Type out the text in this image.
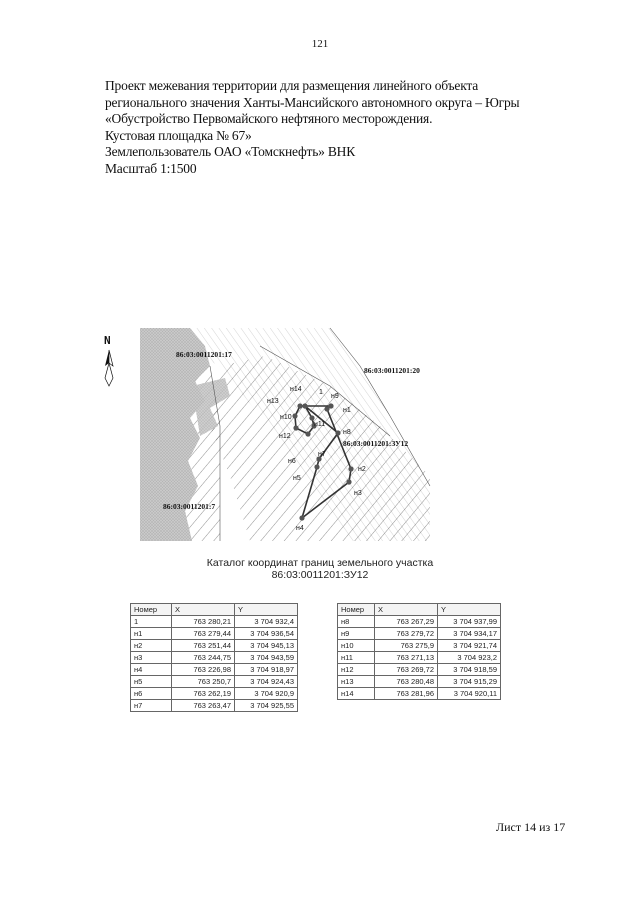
121
Проект межевания территории для размещения линейного объекта
регионального значения Ханты-Мансийского автономного округа – Югры
«Обустройство Первомайского нефтяного месторождения.
Кустовая площадка № 67»
Землепользователь ОАО «Томскнефть» ВНК
Масштаб 1:1500
N
86:03:0011201:17
86:03:0011201:20
86:03:0011201:ЗУ12
86:03:0011201:7
1
н1
н2
н3
н4
н5
н6
н7
н8
н9
н10
н11
н12
н13
н14
Каталог координат границ земельного участка
86:03:0011201:ЗУ12
Номер	X	Y
1	763 280,21	3 704 932,4
н1	763 279,44	3 704 936,54
н2	763 251,44	3 704 945,13
н3	763 244,75	3 704 943,59
н4	763 226,98	3 704 918,97
н5	763 250,7	3 704 924,43
н6	763 262,19	3 704 920,9
н7	763 263,47	3 704 925,55
Номер	X	Y
н8	763 267,29	3 704 937,99
н9	763 279,72	3 704 934,17
н10	763 275,9	3 704 921,74
н11	763 271,13	3 704 923,2
н12	763 269,72	3 704 918,59
н13	763 280,48	3 704 915,29
н14	763 281,96	3 704 920,11
Лист 14 из 17
